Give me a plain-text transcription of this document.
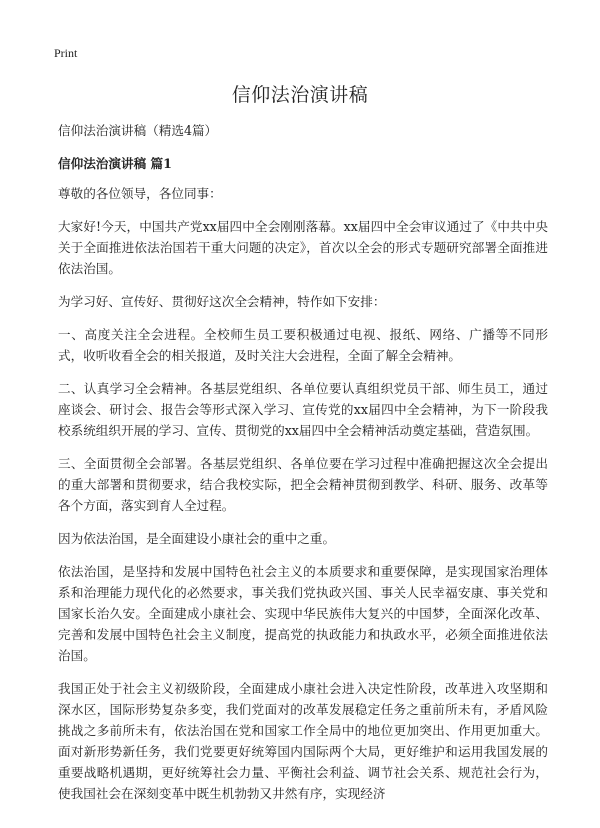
Print
信仰法治演讲稿

信仰法治演讲稿（精选4篇）

信仰法治演讲稿 篇1

尊敬的各位领导，各位同事：

大家好!今天，中国共产党xx届四中全会刚刚落幕。xx届四中全会审议通过了《中共中央关于全面推进依法治国若干重大问题的决定》，首次以全会的形式专题研究部署全面推进依法治国。

为学习好、宣传好、贯彻好这次全会精神，特作如下安排：

一、高度关注全会进程。全校师生员工要积极通过电视、报纸、网络、广播等不同形式，收听收看全会的相关报道，及时关注大会进程，全面了解全会精神。

二、认真学习全会精神。各基层党组织、各单位要认真组织党员干部、师生员工，通过座谈会、研讨会、报告会等形式深入学习、宣传党的xx届四中全会精神，为下一阶段我校系统组织开展的学习、宣传、贯彻党的xx届四中全会精神活动奠定基础，营造氛围。

三、全面贯彻全会部署。各基层党组织、各单位要在学习过程中准确把握这次全会提出的重大部署和贯彻要求，结合我校实际，把全会精神贯彻到教学、科研、服务、改革等各个方面，落实到育人全过程。

因为依法治国，是全面建设小康社会的重中之重。

依法治国，是坚持和发展中国特色社会主义的本质要求和重要保障，是实现国家治理体系和治理能力现代化的必然要求，事关我们党执政兴国、事关人民幸福安康、事关党和国家长治久安。全面建成小康社会、实现中华民族伟大复兴的中国梦，全面深化改革、完善和发展中国特色社会主义制度，提高党的执政能力和执政水平，必须全面推进依法治国。

我国正处于社会主义初级阶段，全面建成小康社会进入决定性阶段，改革进入攻坚期和深水区，国际形势复杂多变，我们党面对的改革发展稳定任务之重前所未有，矛盾风险挑战之多前所未有，依法治国在党和国家工作全局中的地位更加突出、作用更加重大。面对新形势新任务，我们党要更好统筹国内国际两个大局，更好维护和运用我国发展的重要战略机遇期，更好统筹社会力量、平衡社会利益、调节社会关系、规范社会行为，使我国社会在深刻变革中既生机勃勃又井然有序，实现经济
